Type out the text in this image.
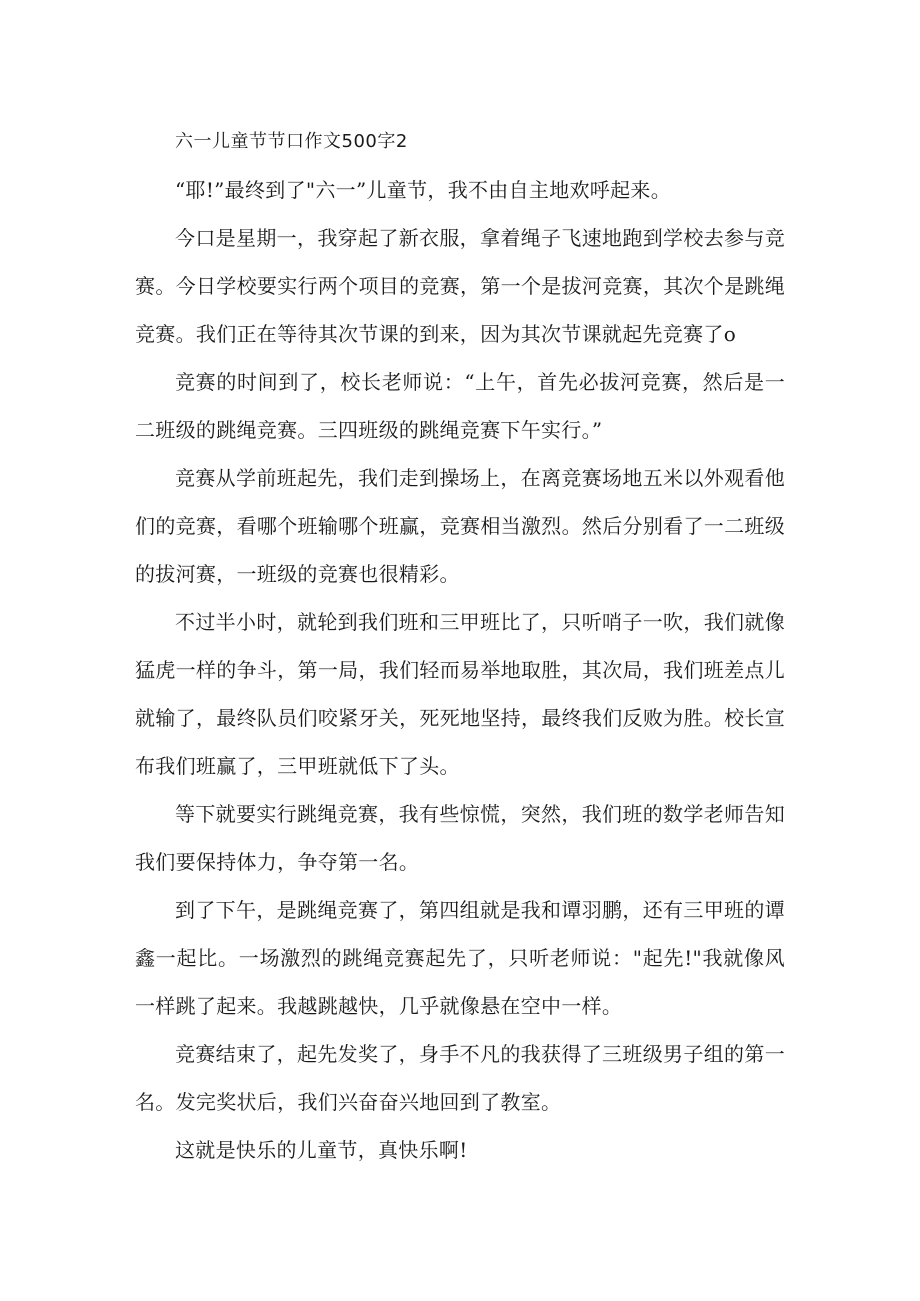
六一儿童节节口作文500字2

“耶!”最终到了"六一”儿童节，我不由自主地欢呼起来。

今口是星期一，我穿起了新衣服，拿着绳子飞速地跑到学校去参与竞赛。今日学校要实行两个项目的竞赛，第一个是拔河竞赛，其次个是跳绳竞赛。我们正在等待其次节课的到来，因为其次节课就起先竞赛了o

竞赛的时间到了，校长老师说：“上午，首先必拔河竞赛，然后是一二班级的跳绳竞赛。三四班级的跳绳竞赛下午实行。”

竞赛从学前班起先，我们走到操场上，在离竞赛场地五米以外观看他们的竞赛，看哪个班输哪个班赢，竞赛相当激烈。然后分别看了一二班级的拔河赛，一班级的竞赛也很精彩。

不过半小时，就轮到我们班和三甲班比了，只听哨子一吹，我们就像猛虎一样的争斗，第一局，我们轻而易举地取胜，其次局，我们班差点儿就输了，最终队员们咬紧牙关，死死地坚持，最终我们反败为胜。校长宣布我们班赢了，三甲班就低下了头。

等下就要实行跳绳竞赛，我有些惊慌，突然，我们班的数学老师告知我们要保持体力，争夺第一名。

到了下午，是跳绳竞赛了，第四组就是我和谭羽鹏，还有三甲班的谭鑫一起比。一场激烈的跳绳竞赛起先了，只听老师说："起先!"我就像风一样跳了起来。我越跳越快，几乎就像悬在空中一样。

竞赛结束了，起先发奖了，身手不凡的我获得了三班级男子组的第一名。发完奖状后，我们兴奋奋兴地回到了教室。

这就是快乐的儿童节，真快乐啊!
